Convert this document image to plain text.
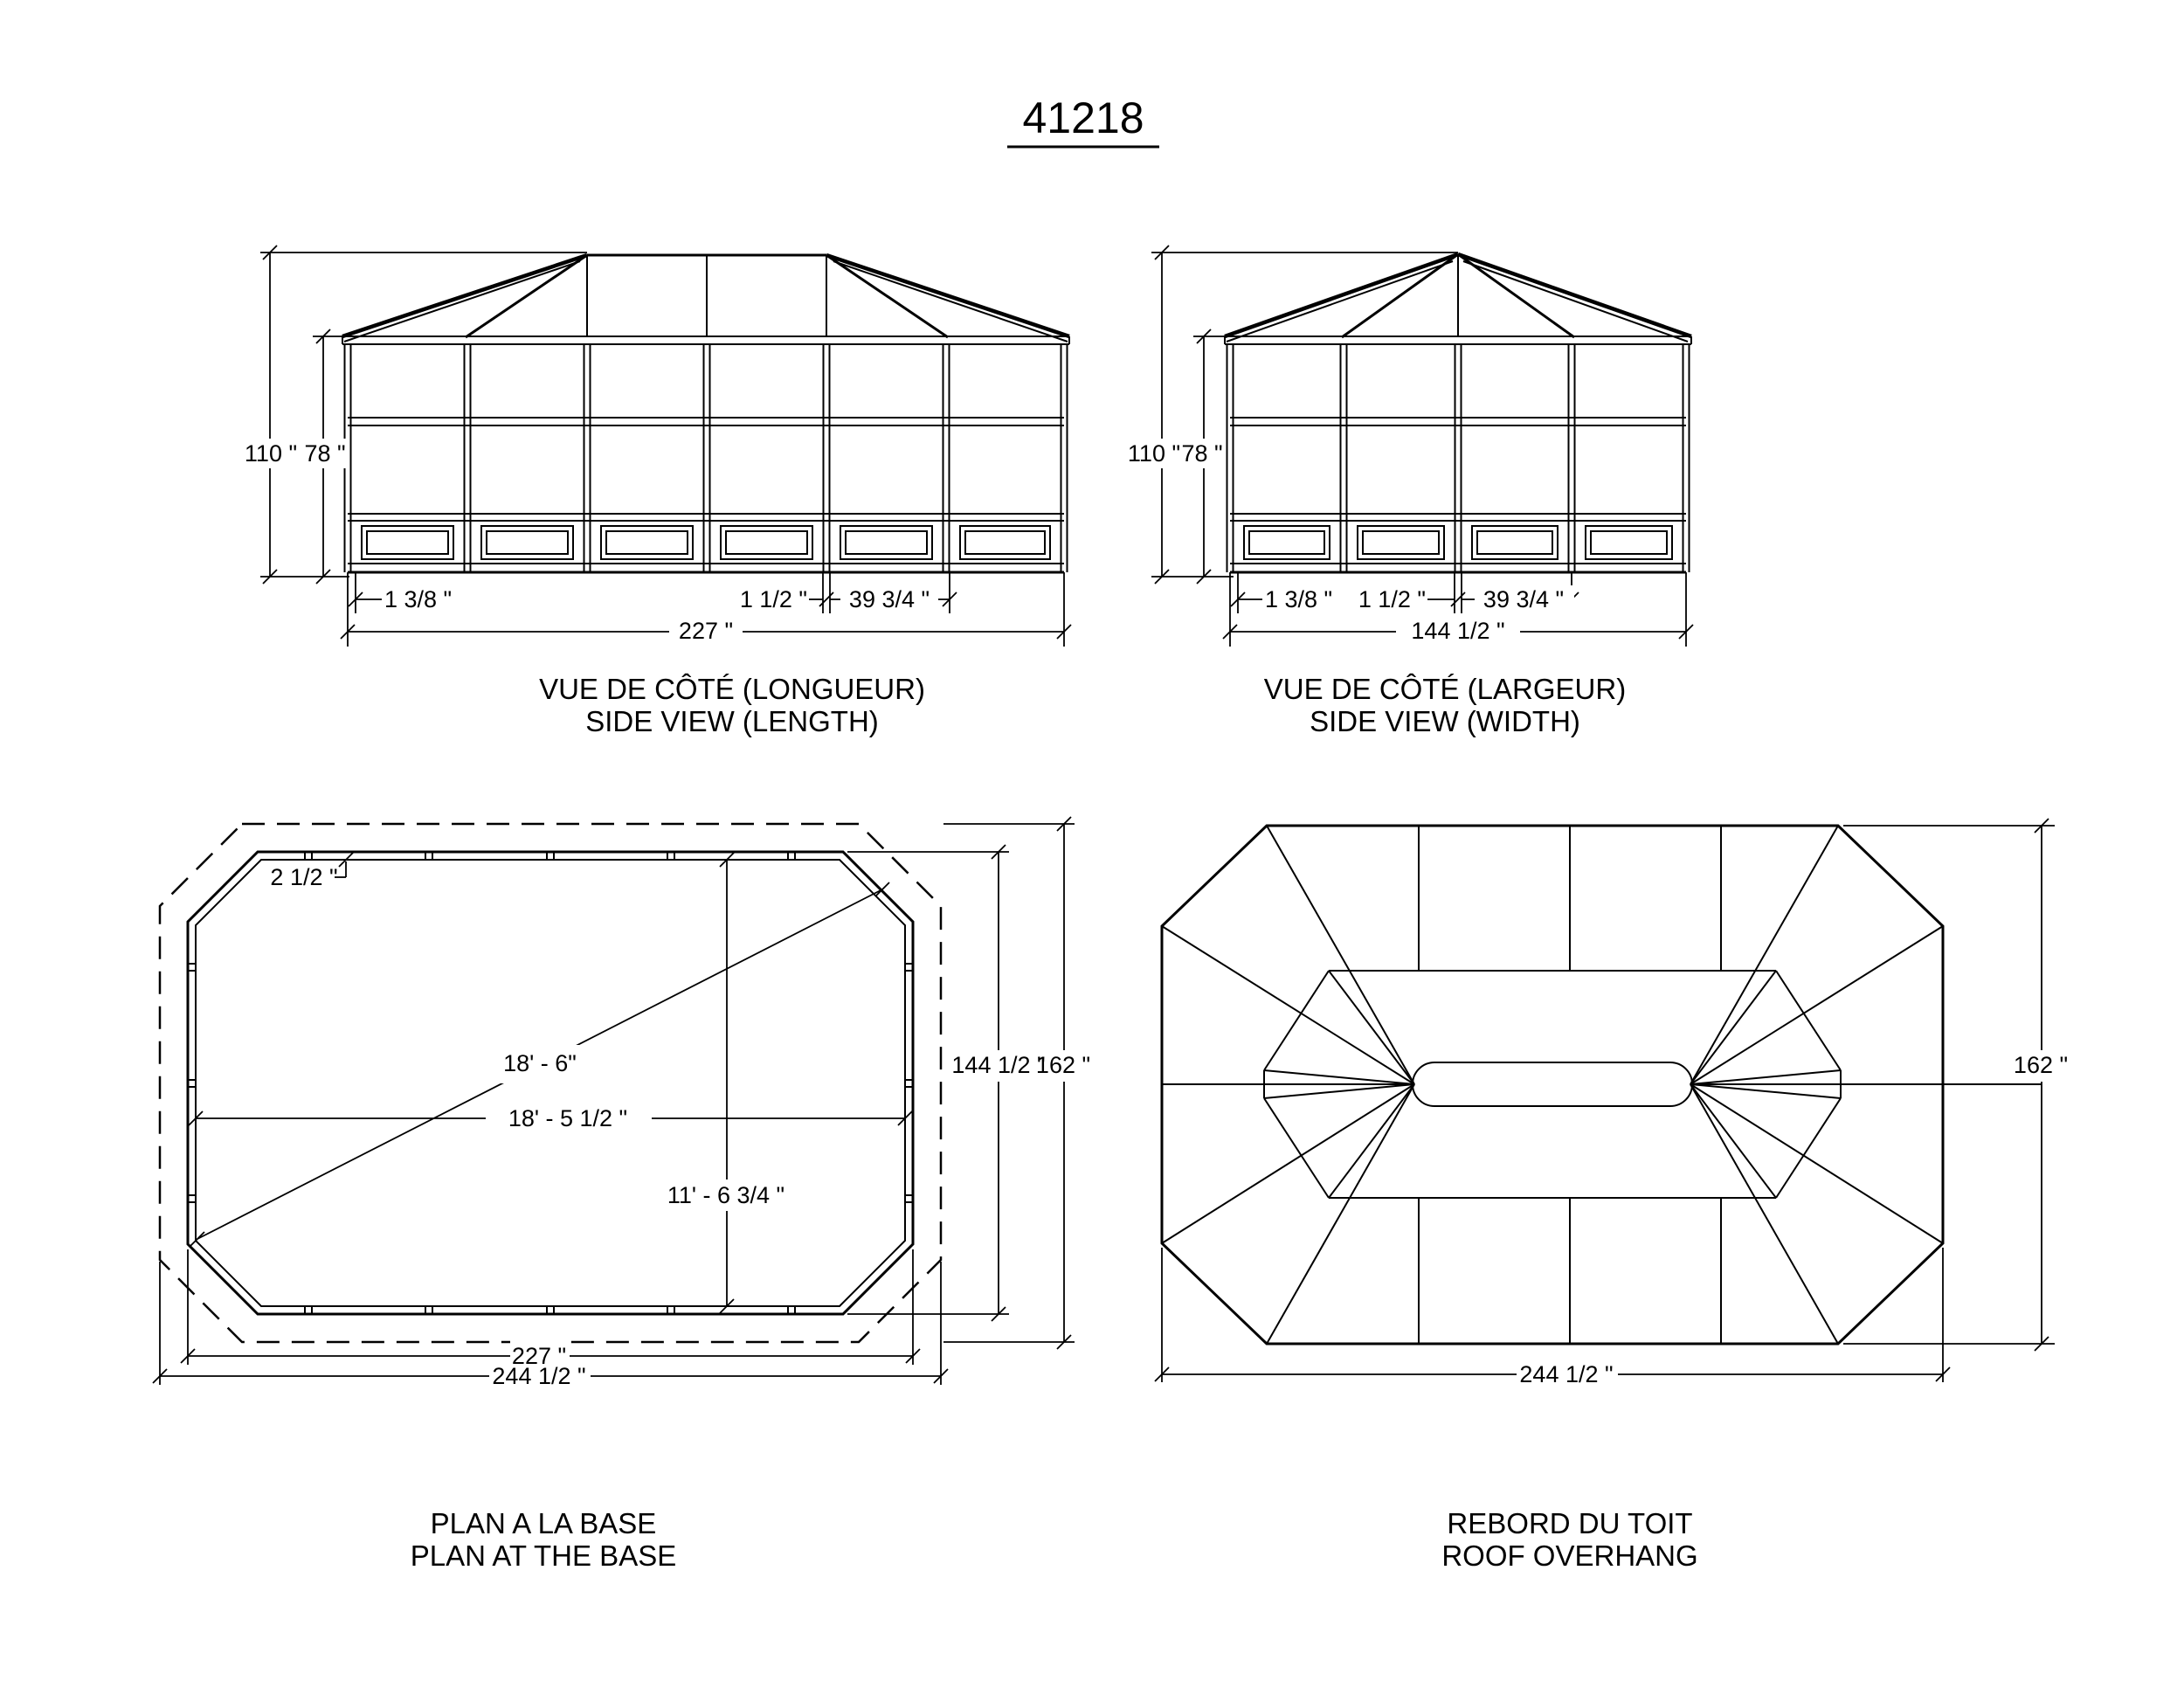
41218
110 " 78 "
1 3/8 "	1 1/2 " 39 3/4 "
227 "
VUE DE CÔTÉ (LONGUEUR)
SIDE VIEW (LENGTH)
110 " 78 "
1 3/8 " 1 1/2 " 39 3/4 "
144 1/2 "
VUE DE CÔTÉ (LARGEUR)
SIDE VIEW (WIDTH)
2 1/2 "
18' - 6"
18' - 5 1/2 "
11' - 6 3/4 "
144 1/2 "
162 "
227 "
244 1/2 "
PLAN A LA BASE
PLAN AT THE BASE
162 "
244 1/2 "
REBORD DU TOIT
ROOF OVERHANG
